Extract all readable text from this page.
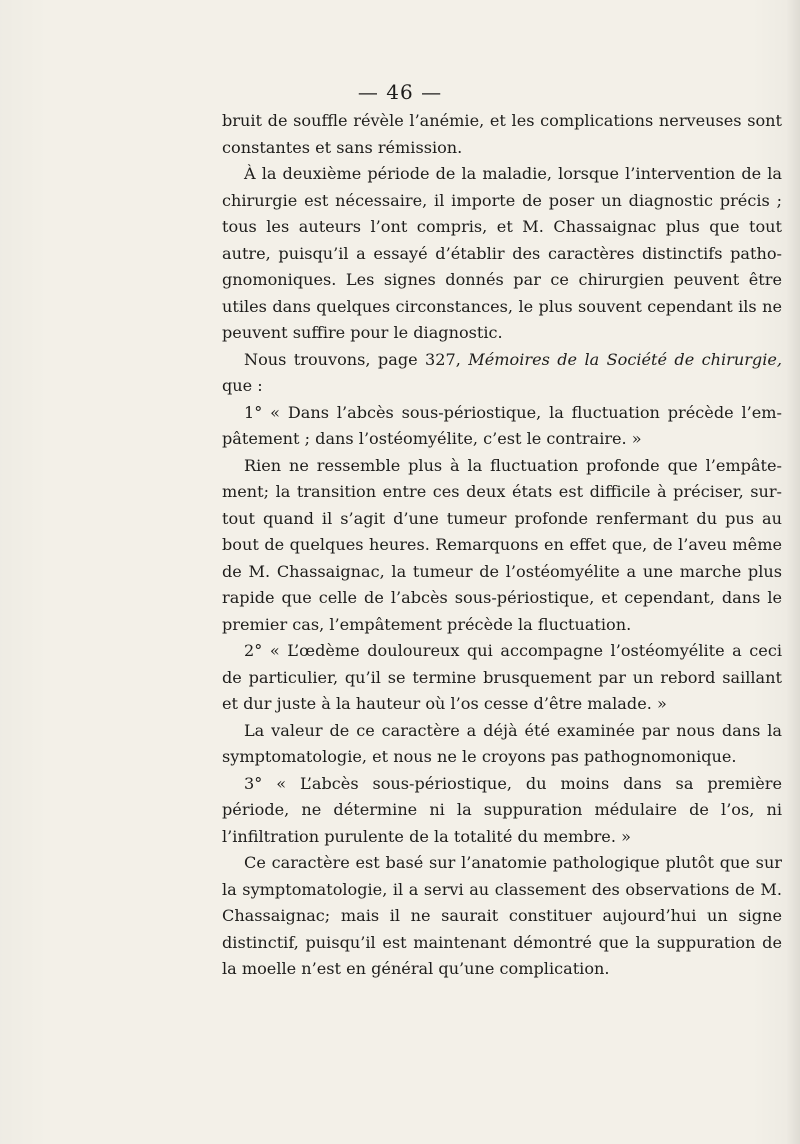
— 46 —

bruit de souffle révèle l’anémie, et les complications nerveuses sont constantes et sans rémission.

À la deuxième période de la maladie, lorsque l’intervention de la chirurgie est nécessaire, il importe de poser un diagnostic précis ; tous les auteurs l’ont compris, et M. Chassaignac plus que tout autre, puisqu’il a essayé d’établir des caractères distinctifs patho-gnomoniques. Les signes donnés par ce chirurgien peuvent être utiles dans quelques circonstances, le plus souvent cependant ils ne peuvent suffire pour le diagnostic.

Nous trouvons, page 327, Mémoires de la Société de chirurgie, que :

1° « Dans l’abcès sous-périostique, la fluctuation précède l’em-pâtement ; dans l’ostéomyélite, c’est le contraire. »

Rien ne ressemble plus à la fluctuation profonde que l’empâte-ment; la transition entre ces deux états est difficile à préciser, sur-tout quand il s’agit d’une tumeur profonde renfermant du pus au bout de quelques heures. Remarquons en effet que, de l’aveu même de M. Chassaignac, la tumeur de l’ostéomyélite a une marche plus rapide que celle de l’abcès sous-périostique, et cependant, dans le premier cas, l’empâtement précède la fluctuation.

2° « L’œdème douloureux qui accompagne l’ostéomyélite a ceci de particulier, qu’il se termine brusquement par un rebord saillant et dur juste à la hauteur où l’os cesse d’être malade. »

La valeur de ce caractère a déjà été examinée par nous dans la symptomatologie, et nous ne le croyons pas pathognomonique.

3° « L’abcès sous-périostique, du moins dans sa première période, ne détermine ni la suppuration médulaire de l’os, ni l’infiltration purulente de la totalité du membre. »

Ce caractère est basé sur l’anatomie pathologique plutôt que sur la symptomatologie, il a servi au classement des observations de M. Chassaignac; mais il ne saurait constituer aujourd’hui un signe distinctif, puisqu’il est maintenant démontré que la suppuration de la moelle n’est en général qu’une complication.
